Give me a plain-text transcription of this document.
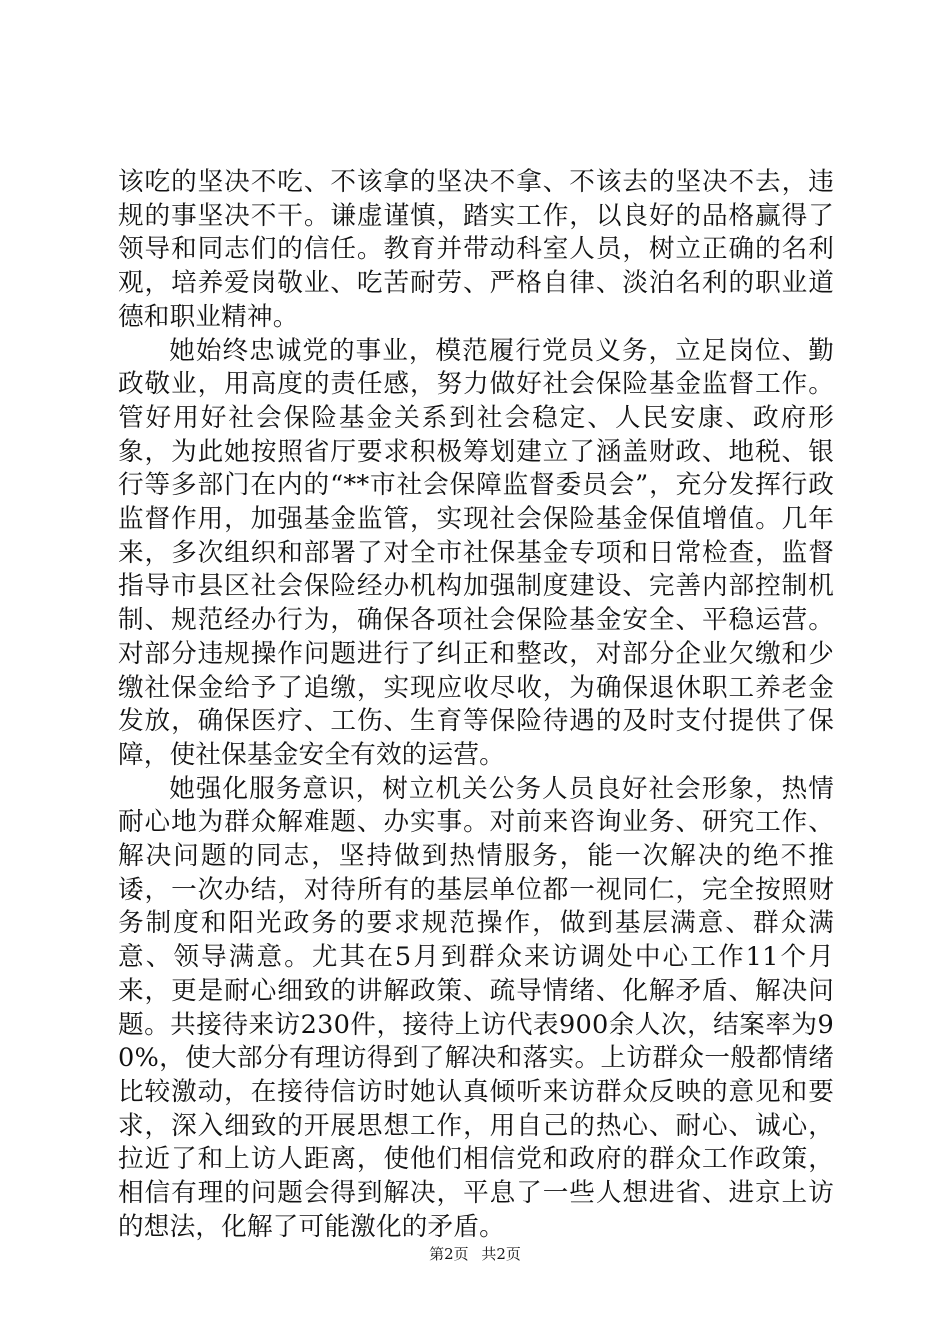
该吃的坚决不吃、不该拿的坚决不拿、不该去的坚决不去，违规的事坚决不干。谦虚谨慎，踏实工作，以良好的品格赢得了领导和同志们的信任。教育并带动科室人员，树立正确的名利观，培养爱岗敬业、吃苦耐劳、严格自律、淡泊名利的职业道德和职业精神。

她始终忠诚党的事业，模范履行党员义务，立足岗位、勤政敬业，用高度的责任感，努力做好社会保险基金监督工作。管好用好社会保险基金关系到社会稳定、人民安康、政府形象，为此她按照省厅要求积极筹划建立了涵盖财政、地税、银行等多部门在内的“**市社会保障监督委员会”，充分发挥行政监督作用，加强基金监管，实现社会保险基金保值增值。几年来，多次组织和部署了对全市社保基金专项和日常检查，监督指导市县区社会保险经办机构加强制度建设、完善内部控制机制、规范经办行为，确保各项社会保险基金安全、平稳运营。对部分违规操作问题进行了纠正和整改，对部分企业欠缴和少缴社保金给予了追缴，实现应收尽收，为确保退休职工养老金发放，确保医疗、工伤、生育等保险待遇的及时支付提供了保障，使社保基金安全有效的运营。

她强化服务意识，树立机关公务人员良好社会形象，热情耐心地为群众解难题、办实事。对前来咨询业务、研究工作、解决问题的同志，坚持做到热情服务，能一次解决的绝不推诿，一次办结，对待所有的基层单位都一视同仁，完全按照财务制度和阳光政务的要求规范操作，做到基层满意、群众满意、领导满意。尤其在5月到群众来访调处中心工作11个月来，更是耐心细致的讲解政策、疏导情绪、化解矛盾、解决问题。共接待来访230件，接待上访代表900余人次，结案率为90%，使大部分有理访得到了解决和落实。上访群众一般都情绪比较激动，在接待信访时她认真倾听来访群众反映的意见和要求，深入细致的开展思想工作，用自己的热心、耐心、诚心，拉近了和上访人距离，使他们相信党和政府的群众工作政策，相信有理的问题会得到解决，平息了一些人想进省、进京上访的想法，化解了可能激化的矛盾。

第2页 共2页
